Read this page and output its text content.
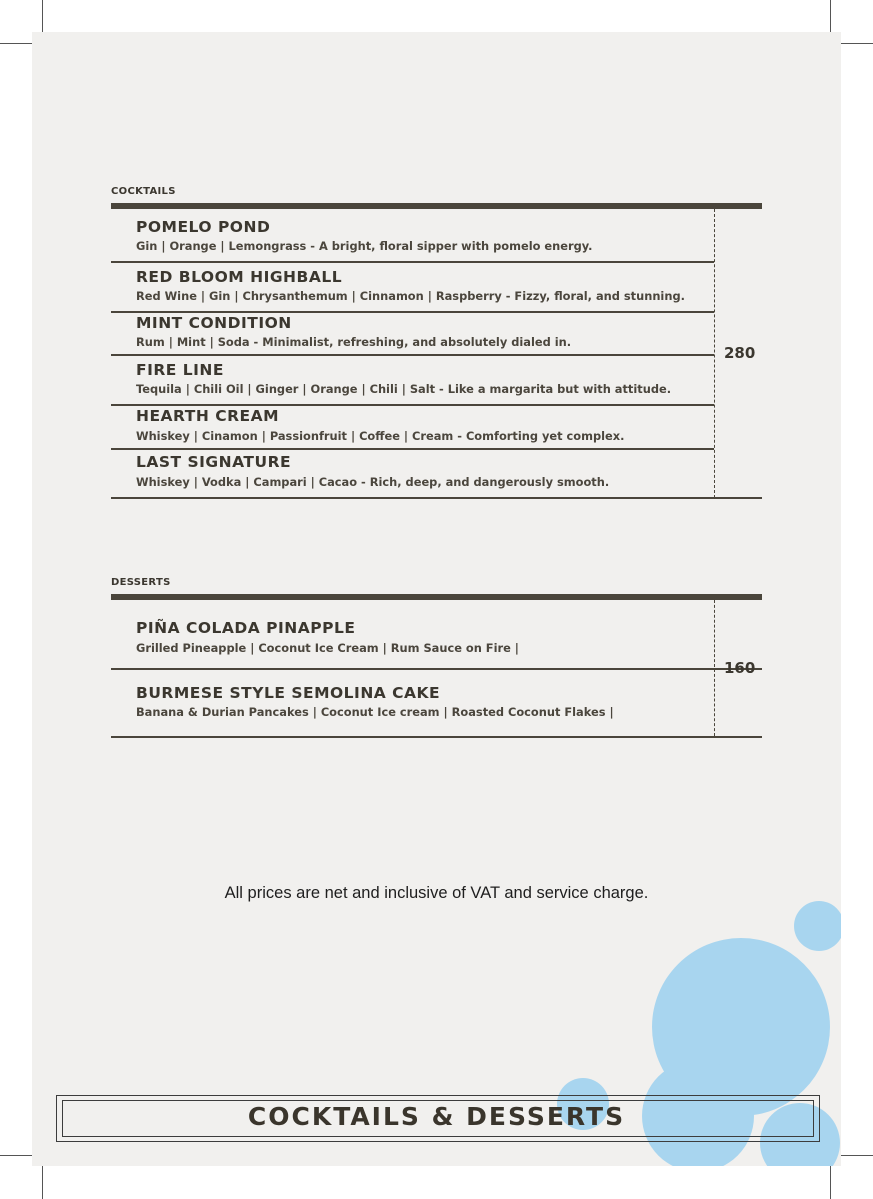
COCKTAILS
POMELO POND
Gin | Orange | Lemongrass - A bright, floral sipper with pomelo energy.
RED BLOOM HIGHBALL
Red Wine | Gin | Chrysanthemum | Cinnamon | Raspberry - Fizzy, floral, and stunning.
MINT CONDITION
Rum | Mint | Soda - Minimalist, refreshing, and absolutely dialed in.
280
FIRE LINE
Tequila | Chili Oil | Ginger | Orange | Chili | Salt - Like a margarita but with attitude.
HEARTH CREAM
Whiskey | Cinamon | Passionfruit | Coffee | Cream - Comforting yet complex.
LAST SIGNATURE
Whiskey | Vodka | Campari | Cacao - Rich, deep, and dangerously smooth.
DESSERTS
PIÑA COLADA PINAPPLE
Grilled Pineapple | Coconut Ice Cream | Rum Sauce on Fire |
160
BURMESE STYLE SEMOLINA CAKE
Banana & Durian Pancakes | Coconut Ice cream | Roasted Coconut Flakes |
All prices are net and inclusive of VAT and service charge.
COCKTAILS & DESSERTS
